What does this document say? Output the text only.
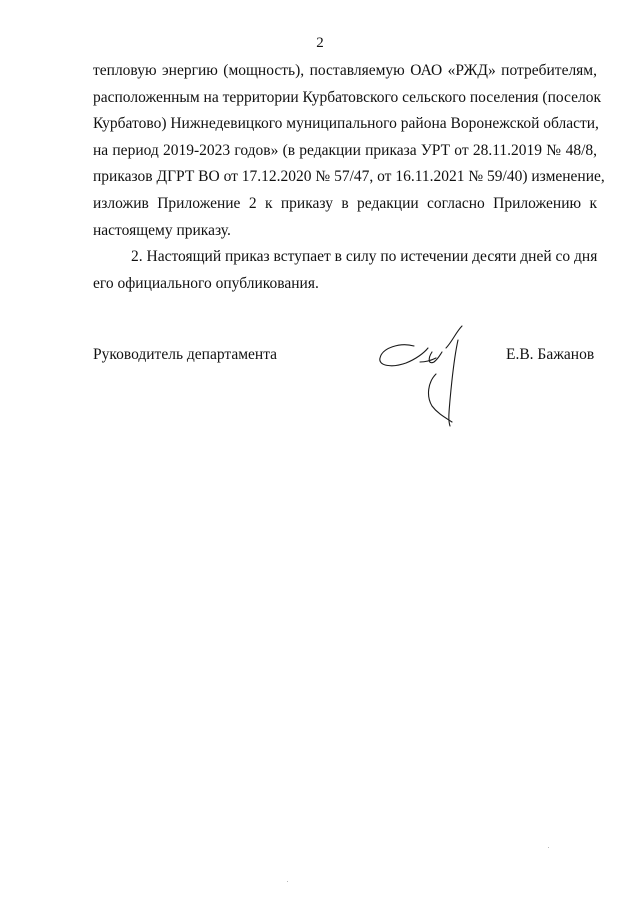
2
тепловую энергию (мощность), поставляемую ОАО «РЖД» потребителям,
расположенным на территории Курбатовского сельского поселения (поселок
Курбатово) Нижнедевицкого муниципального района Воронежской области,
на период 2019-2023 годов» (в редакции приказа УРТ от 28.11.2019 № 48/8,
приказов ДГРТ ВО от 17.12.2020 № 57/47, от 16.11.2021 № 59/40) изменение,
изложив Приложение 2 к приказу в редакции согласно Приложению к
настоящему приказу.
2. Настоящий приказ вступает в силу по истечении десяти дней со дня
его официального опубликования.
Руководитель департамента	Е.В. Бажанов
